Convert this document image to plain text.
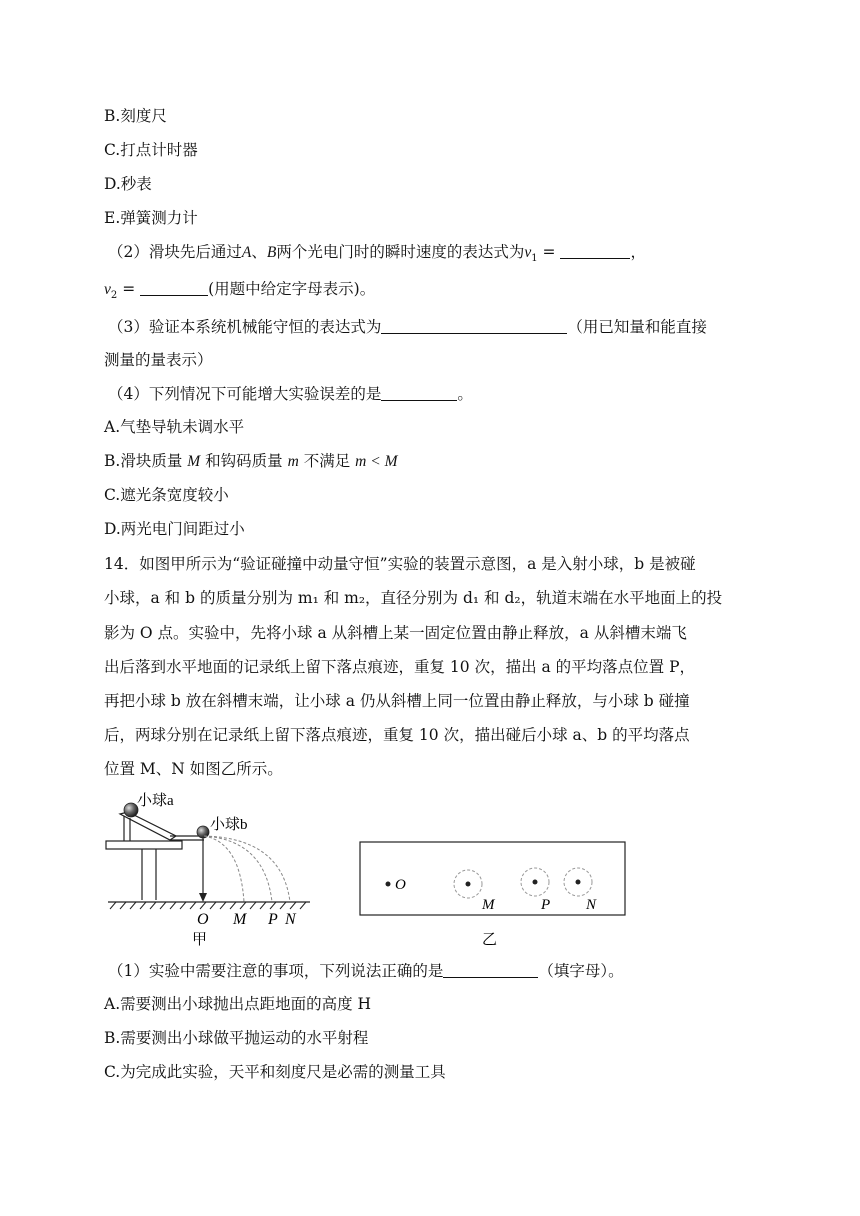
B.刻度尺
C.打点计时器
D.秒表
E.弹簧测力计
（2）滑块先后通过A、B两个光电门时的瞬时速度的表达式为$v_1$ =	，
$v_2$ =	(用题中给定字母表示)。
（3）验证本系统机械能守恒的表达式为	（用已知量和能直接
测量的量表示）
（4）下列情况下可能增大实验误差的是	。
A.气垫导轨未调水平
B.滑块质量 M 和钩码质量 m 不满足 m < M
C.遮光条宽度较小
D.两光电门间距过小
14．如图甲所示为“验证碰撞中动量守恒”实验的装置示意图，a 是入射小球，b 是被碰
小球，a 和 b 的质量分别为 m₁ 和 m₂，直径分别为 d₁ 和 d₂，轨道末端在水平地面上的投
影为 O 点。实验中，先将小球 a 从斜槽上某一固定位置由静止释放，a 从斜槽末端飞
出后落到水平地面的记录纸上留下落点痕迹，重复 10 次，描出 a 的平均落点位置 P，
再把小球 b 放在斜槽末端，让小球 a 仍从斜槽上同一位置由静止释放，与小球 b 碰撞
后，两球分别在记录纸上留下落点痕迹，重复 10 次，描出碰后小球 a、b 的平均落点
位置 M、N 如图乙所示。
小球a
小球b
O M P N
甲
O
M	P N
乙
（1）实验中需要注意的事项，下列说法正确的是	（填字母）。
A.需要测出小球抛出点距地面的高度 H
B.需要测出小球做平抛运动的水平射程
C.为完成此实验，天平和刻度尺是必需的测量工具
